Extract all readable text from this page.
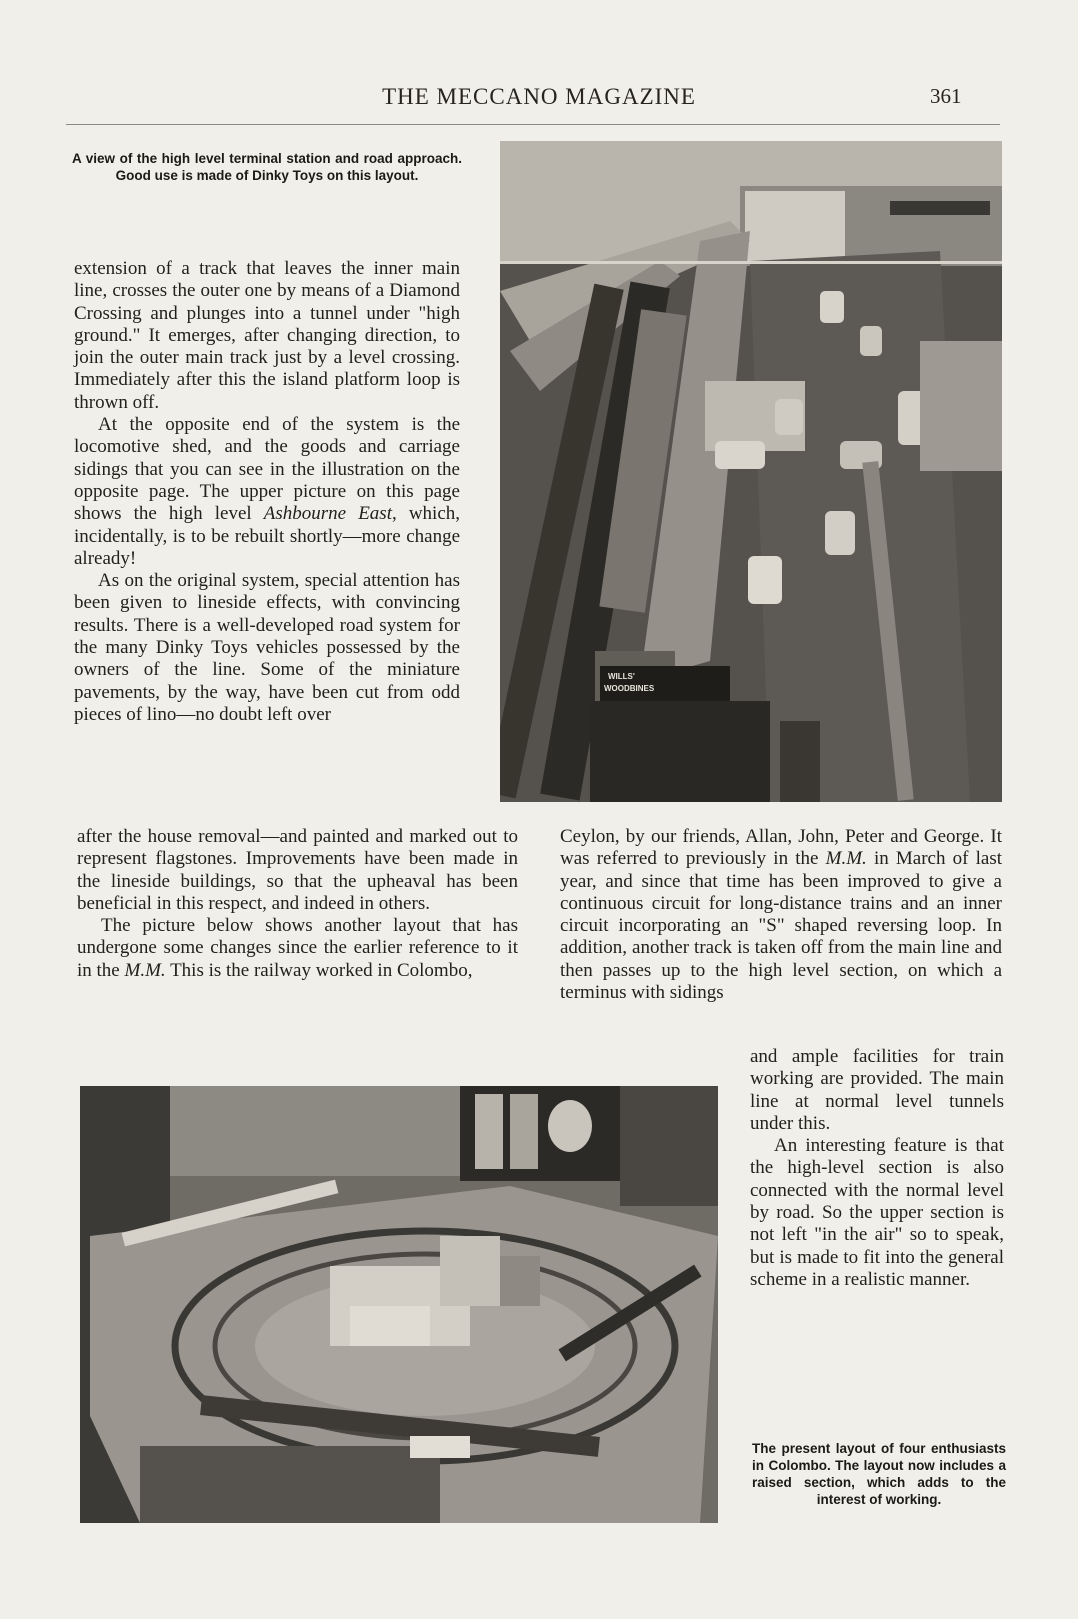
THE MECCANO MAGAZINE	361
A view of the high level terminal station and road approach. Good use is made of Dinky Toys on this layout.
WILLS'
WOODBINES

extension of a track that leaves the inner main line, crosses the outer one by means of a Diamond Crossing and plunges into a tunnel under "high ground." It emerges, after changing direction, to join the outer main track just by a level crossing. Immediately after this the island platform loop is thrown off.

At the opposite end of the system is the locomotive shed, and the goods and carriage sidings that you can see in the illustration on the opposite page. The upper picture on this page shows the high level Ashbourne East, which, incidentally, is to be rebuilt shortly—more change already!

As on the original system, special attention has been given to lineside effects, with convincing results. There is a well-developed road system for the many Dinky Toys vehicles possessed by the owners of the line. Some of the miniature pavements, by the way, have been cut from odd pieces of lino—no doubt left over

after the house removal—and painted and marked out to represent flagstones. Improvements have been made in the lineside buildings, so that the upheaval has been beneficial in this respect, and indeed in others.

The picture below shows another layout that has undergone some changes since the earlier reference to it in the M.M. This is the railway worked in Colombo,

Ceylon, by our friends, Allan, John, Peter and George. It was referred to previously in the M.M. in March of last year, and since that time has been improved to give a continuous circuit for long-distance trains and an inner circuit incorporating an "S" shaped reversing loop. In addition, another track is taken off from the main line and then passes up to the high level section, on which a terminus with sidings

and ample facilities for train working are provided. The main line at normal level tunnels under this.

An interesting feature is that the high-level section is also connected with the normal level by road. So the upper section is not left "in the air" so to speak, but is made to fit into the general scheme in a realistic manner.

The present layout of four enthusiasts in Colombo. The layout now includes a raised section, which adds to the interest of working.
